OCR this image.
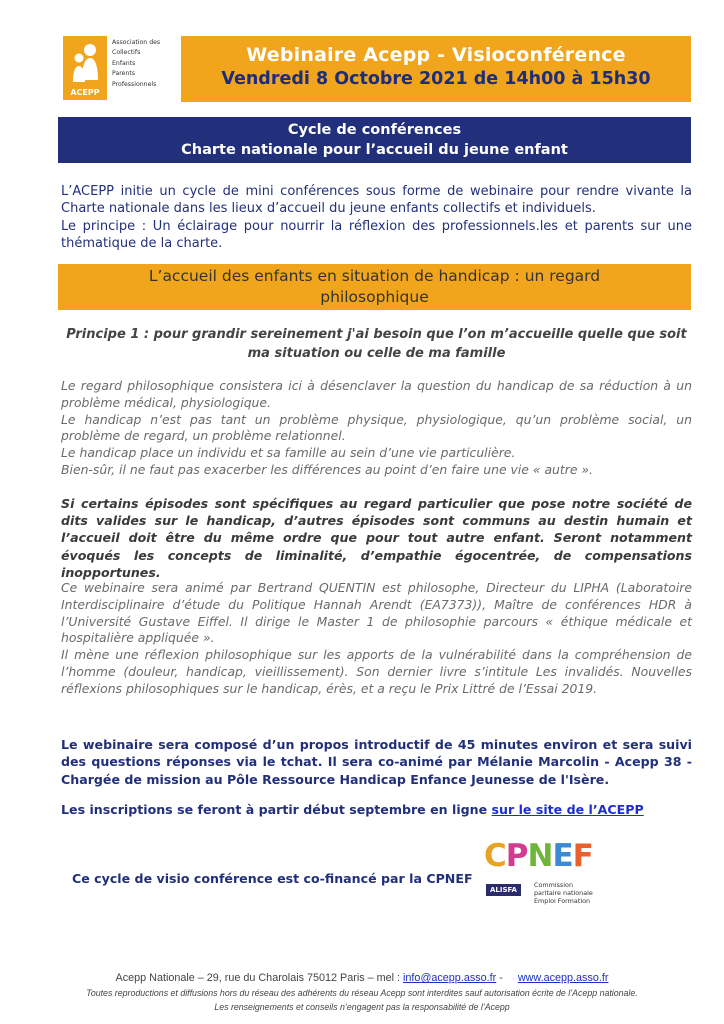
ACEPP
Association des
Collectifs
Enfants
Parents
Professionnels
Webinaire Acepp - Visioconférence
Vendredi 8 Octobre 2021 de 14h00 à 15h30
Cycle de conférences
Charte nationale pour l’accueil du jeune enfant

L’ACEPP initie un cycle de mini conférences sous forme de webinaire pour rendre vivante la Charte nationale dans les lieux d’accueil du jeune enfants collectifs et individuels.

Le principe : Un éclairage pour nourrir la réflexion des professionnels.les et parents sur une thématique de la charte.

L’accueil des enfants en situation de handicap : un regard philosophique
Principe 1 : pour grandir sereinement j'ai besoin que l’on m’accueille quelle que soit ma situation ou celle de ma famille
Le regard philosophique consistera ici à désenclaver la question du handicap de sa réduction à un problème médical, physiologique.
Le handicap n’est pas tant un problème physique, physiologique, qu’un problème social, un problème de regard, un problème relationnel.
Le handicap place un individu et sa famille au sein d’une vie particulière.
Bien-sûr, il ne faut pas exacerber les différences au point d’en faire une vie « autre ».
Si certains épisodes sont spécifiques au regard particulier que pose notre société de dits valides sur le handicap, d’autres épisodes sont communs au destin humain et l’accueil doit être du même ordre que pour tout autre enfant. Seront notamment évoqués les concepts de liminalité, d’empathie égocentrée, de compensations inopportunes.
Ce webinaire sera animé par Bertrand QUENTIN est philosophe, Directeur du LIPHA (Laboratoire Interdisciplinaire d’étude du Politique Hannah Arendt (EA7373)), Maître de conférences HDR à l’Université Gustave Eiffel. Il dirige le Master 1 de philosophie parcours « éthique médicale et hospitalière appliquée ».
Il mène une réflexion philosophique sur les apports de la vulnérabilité dans la compréhension de l’homme (douleur, handicap, vieillissement). Son dernier livre s’intitule Les invalidés. Nouvelles réflexions philosophiques sur le handicap, érès, et a reçu le Prix Littré de l’Essai 2019.
Le webinaire sera composé d’un propos introductif de 45 minutes environ et sera suivi des questions réponses via le tchat. Il sera co-animé par Mélanie Marcolin - Acepp 38 - Chargée de mission au Pôle Ressource Handicap Enfance Jeunesse de l'Isère.
Les inscriptions se feront à partir début septembre en ligne sur le site de l’ACEPP
Ce cycle de visio conférence est co-financé par la CPNEF
CPNEF
ALISFA
Commission
paritaire nationale
Emploi Formation
Acepp Nationale – 29, rue du Charolais 75012 Paris – mel : info@acepp.asso.fr -     www.acepp.asso.fr
Toutes reproductions et diffusions hors du réseau des adhérents du réseau Acepp sont interdites sauf autorisation écrite de l’Acepp nationale.
Les renseignements et conseils n’engagent pas la responsabilité de l’Acepp
